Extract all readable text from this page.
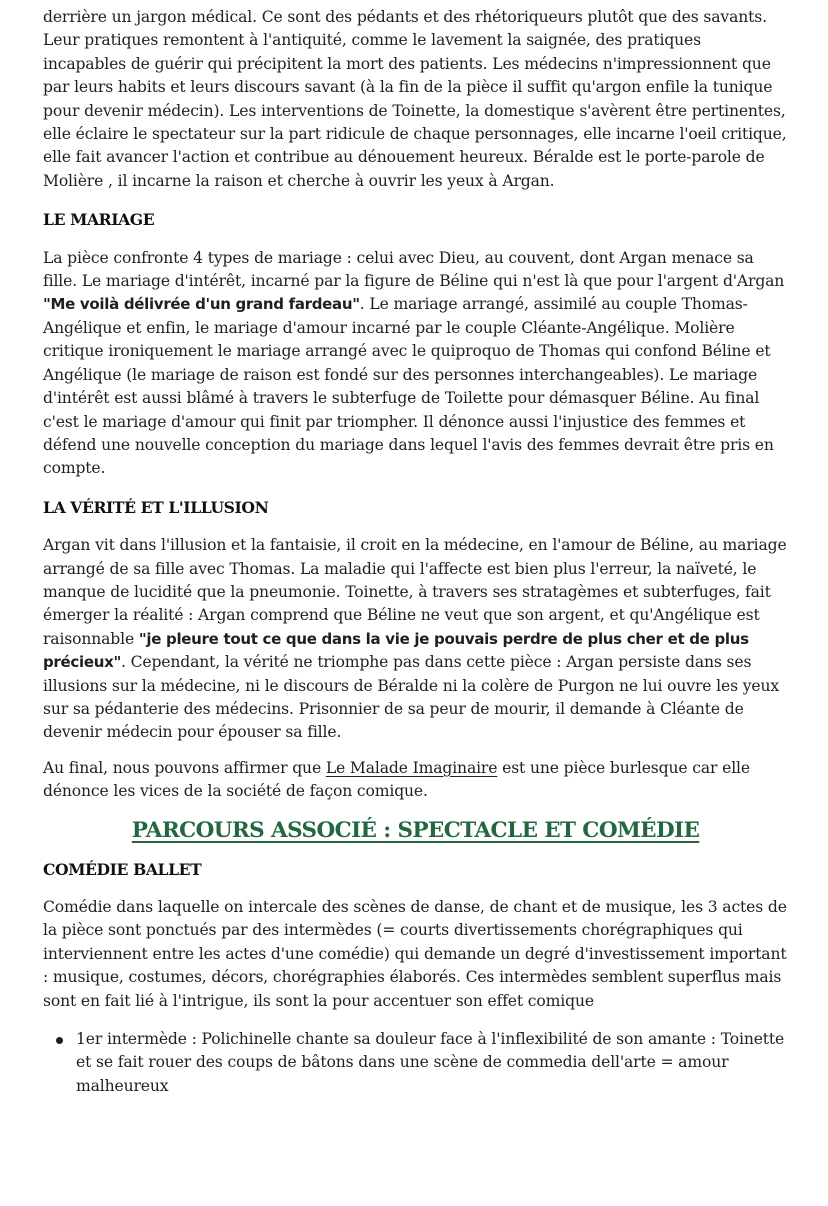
derrière un jargon médical. Ce sont des pédants et des rhétoriqueurs plutôt que des savants. Leur pratiques remontent à l'antiquité, comme le lavement la saignée, des pratiques incapables de guérir qui précipitent la mort des patients. Les médecins n'impressionnent que par leurs habits et leurs discours savant (à la fin de la pièce il suffit qu'argon enfile la tunique pour devenir médecin). Les interventions de Toinette, la domestique s'avèrent être pertinentes, elle éclaire le spectateur sur la part ridicule de chaque personnages, elle incarne l'oeil critique, elle fait avancer l'action et contribue au dénouement heureux. Béralde est le porte-parole de Molière , il incarne la raison et cherche à ouvrir les yeux à Argan.

LE MARIAGE

La pièce confronte 4 types de mariage : celui avec Dieu, au couvent, dont Argan menace sa fille. Le mariage d'intérêt, incarné par la figure de Béline qui n'est là que pour l'argent d'Argan "Me voilà délivrée d'un grand fardeau". Le mariage arrangé, assimilé au couple Thomas-Angélique et enfin, le mariage d'amour incarné par le couple Cléante-Angélique. Molière critique ironiquement le mariage arrangé avec le quiproquo de Thomas qui confond Béline et Angélique (le mariage de raison est fondé sur des personnes interchangeables). Le mariage d'intérêt est aussi blâmé à travers le subterfuge de Toilette pour démasquer Béline. Au final c'est le mariage d'amour qui finit par triompher. Il dénonce aussi l'injustice des femmes et défend une nouvelle conception du mariage dans lequel l'avis des femmes devrait être pris en compte.

LA VÉRITÉ ET L'ILLUSION

Argan vit dans l'illusion et la fantaisie, il croit en la médecine, en l'amour de Béline, au mariage arrangé de sa fille avec Thomas. La maladie qui l'affecte est bien plus l'erreur, la naïveté, le manque de lucidité que la pneumonie. Toinette, à travers ses stratagèmes et subterfuges, fait émerger la réalité : Argan comprend que Béline ne veut que son argent, et qu'Angélique est raisonnable "je pleure tout ce que dans la vie je pouvais perdre de plus cher et de plus précieux". Cependant, la vérité ne triomphe pas dans cette pièce : Argan persiste dans ses illusions sur la médecine, ni le discours de Béralde ni la colère de Purgon ne lui ouvre les yeux sur sa pédanterie des médecins. Prisonnier de sa peur de mourir, il demande à Cléante de devenir médecin pour épouser sa fille.

Au final, nous pouvons affirmer que Le Malade Imaginaire est une pièce burlesque car elle dénonce les vices de la société de façon comique.

PARCOURS ASSOCIÉ : SPECTACLE ET COMÉDIE
COMÉDIE BALLET

Comédie dans laquelle on intercale des scènes de danse, de chant et de musique, les 3 actes de la pièce sont ponctués par des intermèdes (= courts divertissements chorégraphiques qui interviennent entre les actes d'une comédie) qui demande un degré d'investissement important : musique, costumes, décors, chorégraphies élaborés. Ces intermèdes semblent superflus mais sont en fait lié à l'intrigue, ils sont la pour accentuer son effet comique

1er intermède : Polichinelle chante sa douleur face à l'inflexibilité de son amante : Toinette et se fait rouer des coups de bâtons dans une scène de commedia dell'arte = amour malheureux
